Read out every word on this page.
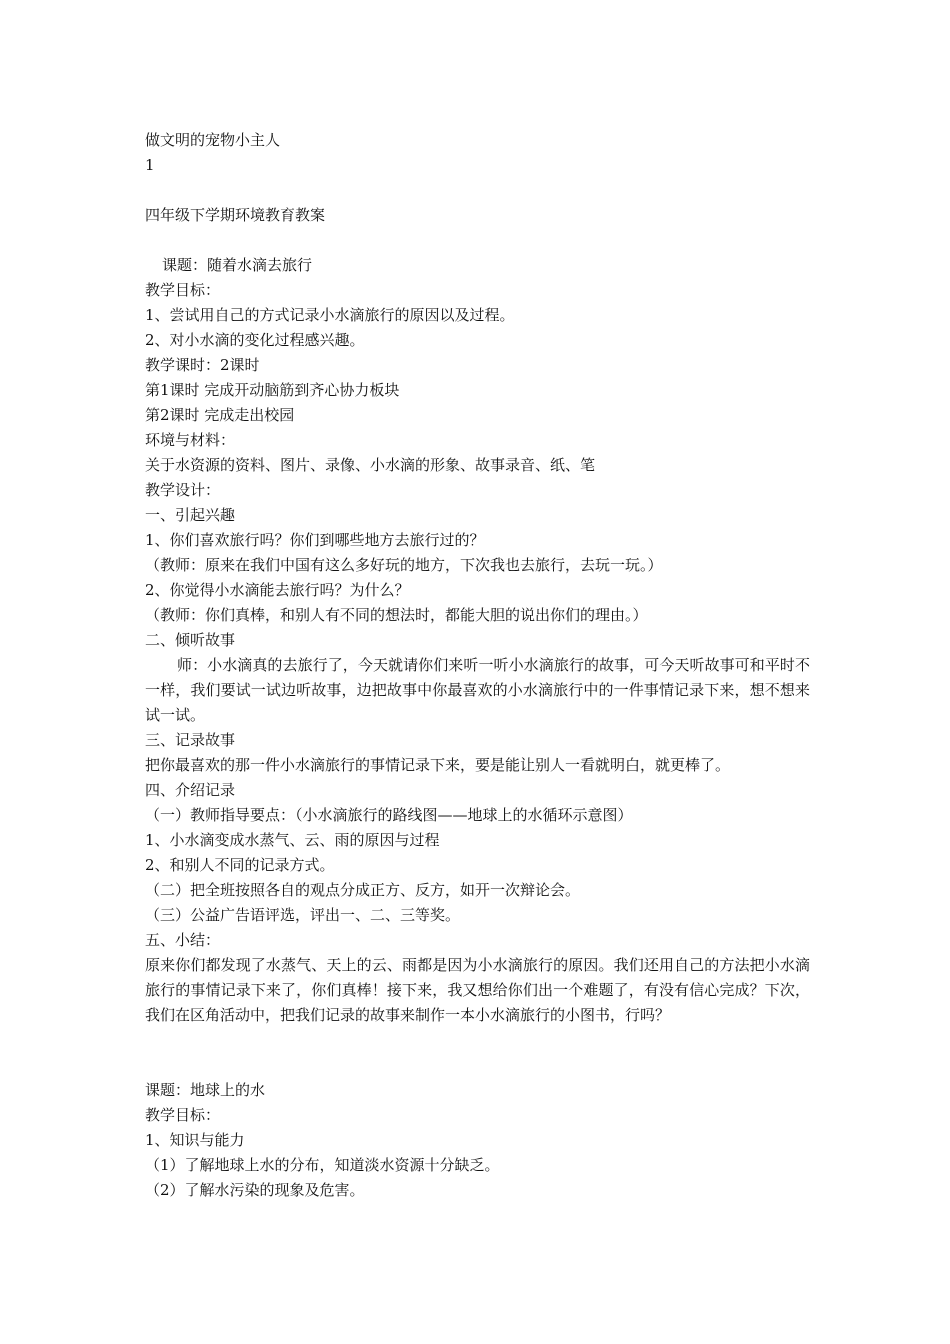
做文明的宠物小主人
1
四年级下学期环境教育教案
课题：随着水滴去旅行
教学目标：
1、尝试用自己的方式记录小水滴旅行的原因以及过程。
2、对小水滴的变化过程感兴趣。
教学课时：2课时
第1课时 完成开动脑筋到齐心协力板块
第2课时 完成走出校园
环境与材料：
关于水资源的资料、图片、录像、小水滴的形象、故事录音、纸、笔
教学设计：
一、引起兴趣
1、你们喜欢旅行吗？你们到哪些地方去旅行过的？
（教师：原来在我们中国有这么多好玩的地方，下次我也去旅行，去玩一玩。）
2、你觉得小水滴能去旅行吗？为什么？
（教师：你们真棒，和别人有不同的想法时，都能大胆的说出你们的理由。）
二、倾听故事
师：小水滴真的去旅行了，今天就请你们来听一听小水滴旅行的故事，可今天听故事可和平时不一样，我们要试一试边听故事，边把故事中你最喜欢的小水滴旅行中的一件事情记录下来，想不想来试一试。
三、记录故事
把你最喜欢的那一件小水滴旅行的事情记录下来，要是能让别人一看就明白，就更棒了。
四、介绍记录
（一）教师指导要点：（小水滴旅行的路线图——地球上的水循环示意图）
1、小水滴变成水蒸气、云、雨的原因与过程
2、和别人不同的记录方式。
（二）把全班按照各自的观点分成正方、反方，如开一次辩论会。
（三）公益广告语评选，评出一、二、三等奖。
五、小结：
原来你们都发现了水蒸气、天上的云、雨都是因为小水滴旅行的原因。我们还用自己的方法把小水滴旅行的事情记录下来了，你们真棒！接下来，我又想给你们出一个难题了，有没有信心完成？下次，我们在区角活动中，把我们记录的故事来制作一本小水滴旅行的小图书，行吗？
课题：地球上的水
教学目标：
1、知识与能力
（1）了解地球上水的分布，知道淡水资源十分缺乏。
（2）了解水污染的现象及危害。
